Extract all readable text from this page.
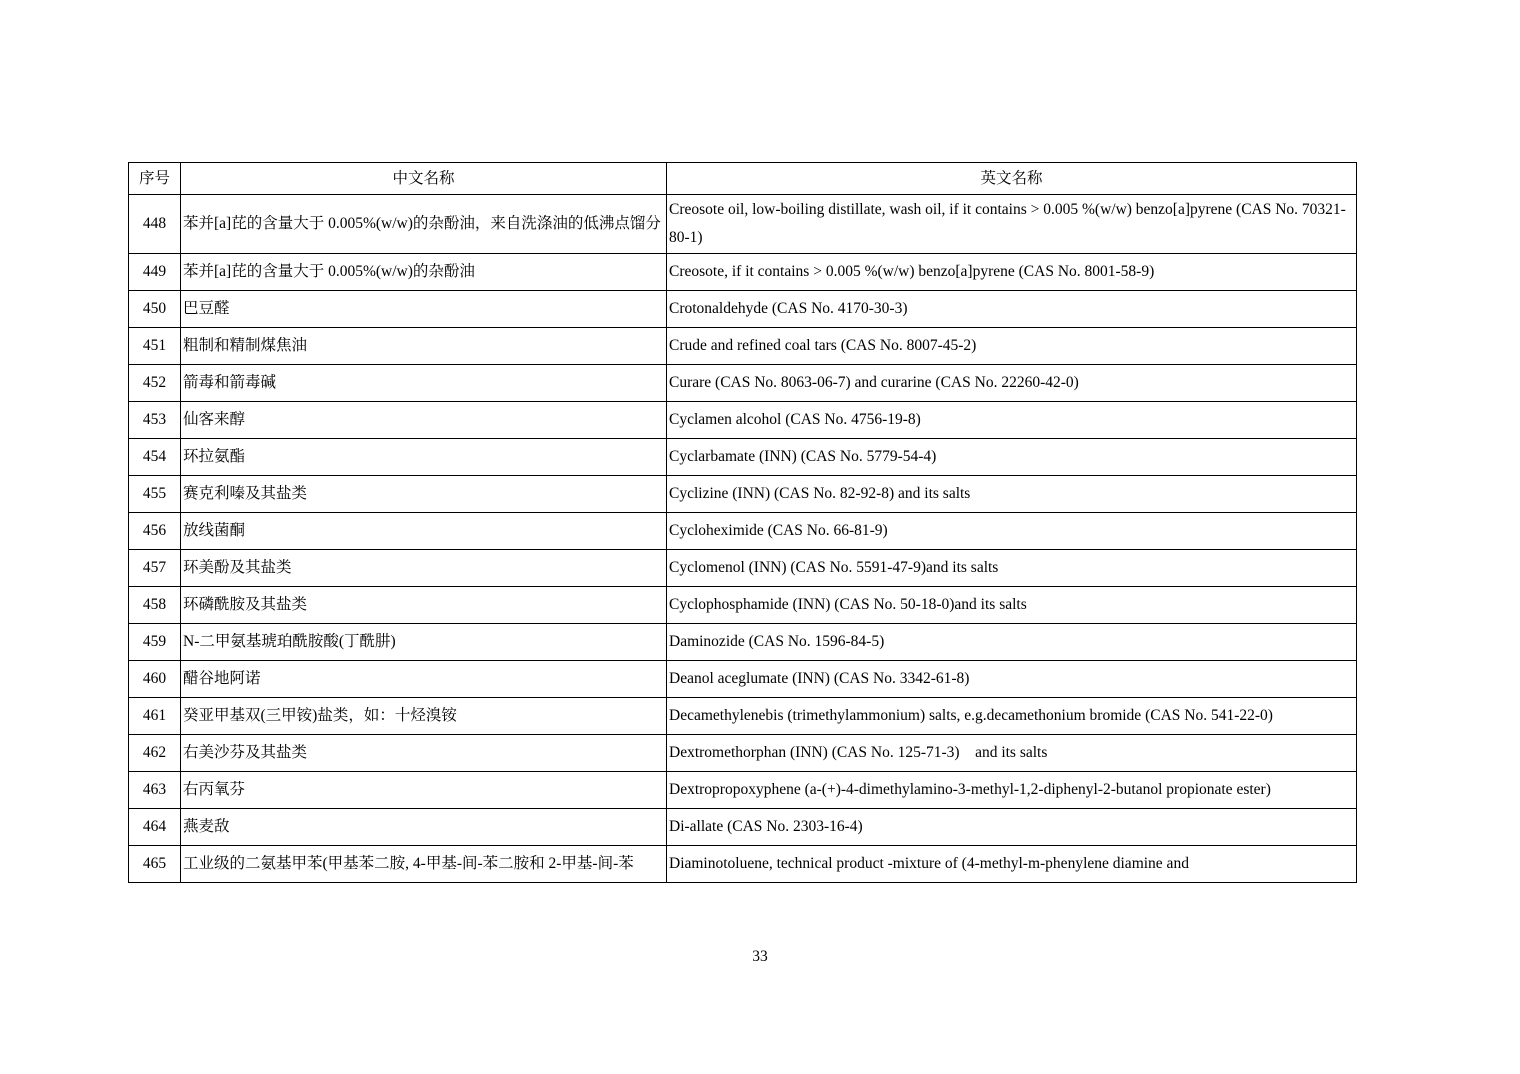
序号	中文名称	英文名称
448	苯并[a]芘的含量大于 0.005%(w/w)的杂酚油，来自洗涤油的低沸点馏分	Creosote oil, low-boiling distillate, wash oil, if it contains > 0.005 %(w/w) benzo[a]pyrene (CAS No. 70321-80-1)
449	苯并[a]芘的含量大于 0.005%(w/w)的杂酚油	Creosote, if it contains > 0.005 %(w/w) benzo[a]pyrene (CAS No. 8001-58-9)
450	巴豆醛	Crotonaldehyde (CAS No. 4170-30-3)
451	粗制和精制煤焦油	Crude and refined coal tars (CAS No. 8007-45-2)
452	箭毒和箭毒碱	Curare (CAS No. 8063-06-7) and curarine (CAS No. 22260-42-0)
453	仙客来醇	Cyclamen alcohol (CAS No. 4756-19-8)
454	环拉氨酯	Cyclarbamate (INN) (CAS No. 5779-54-4)
455	赛克利嗪及其盐类	Cyclizine (INN) (CAS No. 82-92-8) and its salts
456	放线菌酮	Cycloheximide (CAS No. 66-81-9)
457	环美酚及其盐类	Cyclomenol (INN) (CAS No. 5591-47-9)and its salts
458	环磷酰胺及其盐类	Cyclophosphamide (INN) (CAS No. 50-18-0)and its salts
459	N-二甲氨基琥珀酰胺酸(丁酰肼)	Daminozide (CAS No. 1596-84-5)
460	醋谷地阿诺	Deanol aceglumate (INN) (CAS No. 3342-61-8)
461	癸亚甲基双(三甲铵)盐类，如：十烃溴铵	Decamethylenebis (trimethylammonium) salts, e.g.decamethonium bromide (CAS No. 541-22-0)
462	右美沙芬及其盐类	Dextromethorphan (INN) (CAS No. 125-71-3)    and its salts
463	右丙氧芬	Dextropropoxyphene (a-(+)-4-dimethylamino-3-methyl-1,2-diphenyl-2-butanol propionate ester)
464	燕麦敌	Di-allate (CAS No. 2303-16-4)
465	工业级的二氨基甲苯(甲基苯二胺, 4-甲基-间-苯二胺和 2-甲基-间-苯	Diaminotoluene, technical product -mixture of (4-methyl-m-phenylene diamine and
33
